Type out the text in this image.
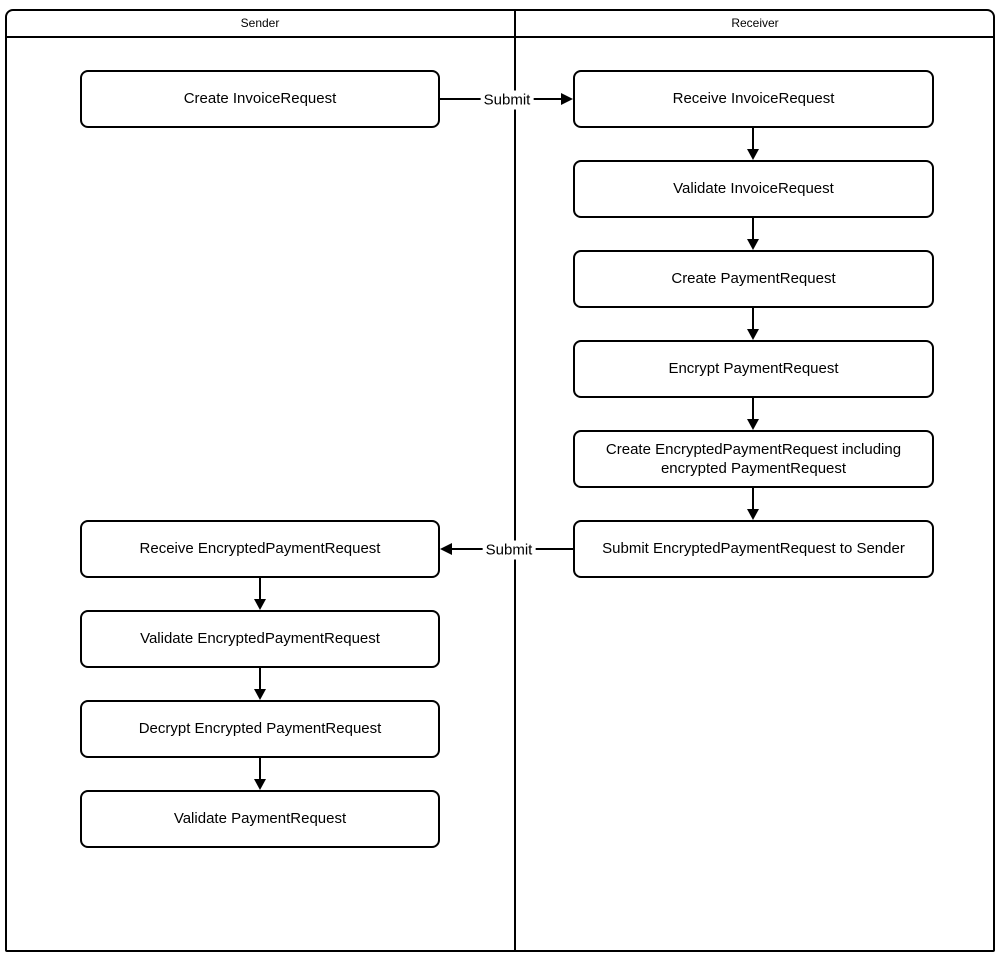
Sender	Receiver
Create InvoiceRequest
Receive EncryptedPaymentRequest
Validate EncryptedPaymentRequest
Decrypt Encrypted PaymentRequest
Validate PaymentRequest
Receive InvoiceRequest
Validate InvoiceRequest
Create PaymentRequest
Encrypt PaymentRequest
Create EncryptedPaymentRequest including encrypted PaymentRequest
Submit EncryptedPaymentRequest to Sender
Submit
Submit
